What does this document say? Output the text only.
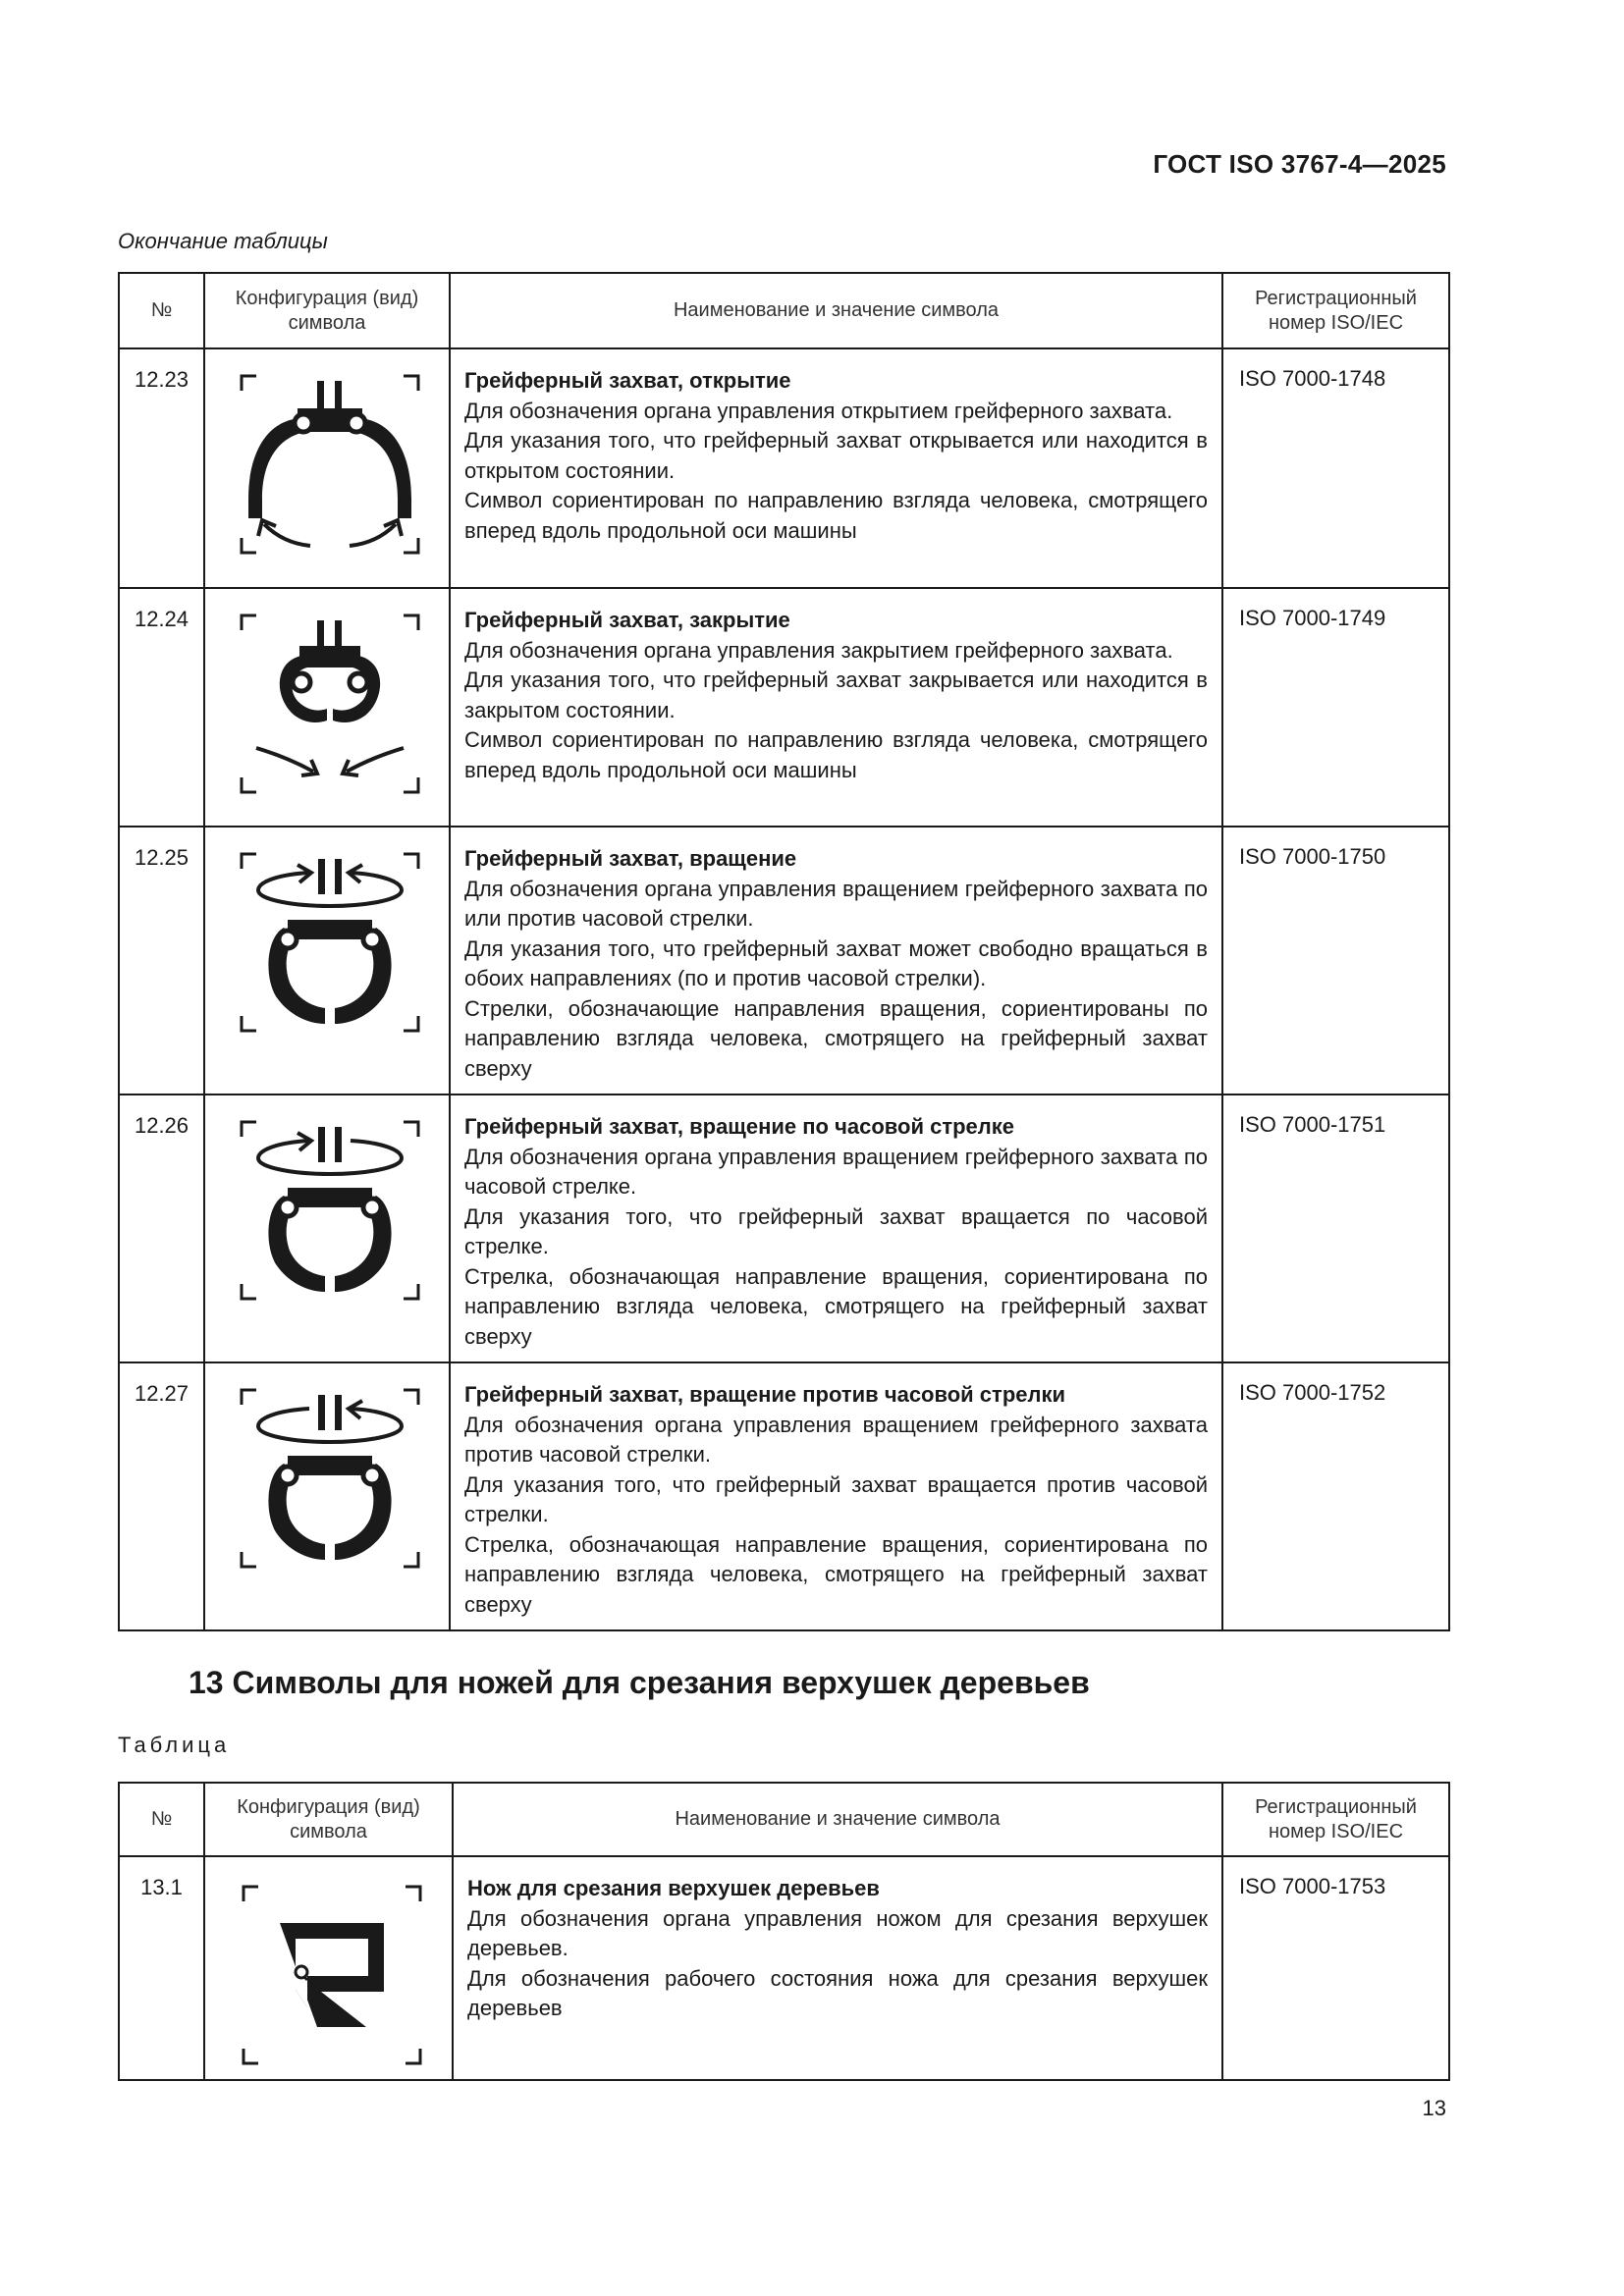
ГОСТ ISO 3767-4—2025
Окончание таблицы
№	Конфигурация (вид) символа	Наименование и значение символа	Регистрационный номер ISO/IEC
12.23		Грейферный захват, открытие
Для обозначения органа управления открытием грейферного захвата.
Для указания того, что грейферный захват открывается или находится в открытом состоянии.
Символ сориентирован по направлению взгляда человека, смотрящего вперед вдоль продольной оси машины	ISO 7000-1748
12.24		Грейферный захват, закрытие
Для обозначения органа управления закрытием грейферного захвата.
Для указания того, что грейферный захват закрывается или находится в закрытом состоянии.
Символ сориентирован по направлению взгляда человека, смотрящего вперед вдоль продольной оси машины	ISO 7000-1749
12.25		Грейферный захват, вращение
Для обозначения органа управления вращением грейферного захвата по или против часовой стрелки.
Для указания того, что грейферный захват может свободно вращаться в обоих направлениях (по и против часовой стрелки).
Стрелки, обозначающие направления вращения, сориентированы по направлению взгляда человека, смотрящего на грейферный захват сверху	ISO 7000-1750
12.26		Грейферный захват, вращение по часовой стрелке
Для обозначения органа управления вращением грейферного захвата по часовой стрелке.
Для указания того, что грейферный захват вращается по часовой стрелке.
Стрелка, обозначающая направление вращения, сориентирована по направлению взгляда человека, смотрящего на грейферный захват сверху	ISO 7000-1751
12.27		Грейферный захват, вращение против часовой стрелки
Для обозначения органа управления вращением грейферного захвата против часовой стрелки.
Для указания того, что грейферный захват вращается против часовой стрелки.
Стрелка, обозначающая направление вращения, сориентирована по направлению взгляда человека, смотрящего на грейферный захват сверху	ISO 7000-1752
13 Символы для ножей для срезания верхушек деревьев
Таблица
№	Конфигурация (вид) символа	Наименование и значение символа	Регистрационный номер ISO/IEC
13.1		Нож для срезания верхушек деревьев
Для обозначения органа управления ножом для срезания верхушек деревьев.
Для обозначения рабочего состояния ножа для срезания верхушек деревьев	ISO 7000-1753
13
